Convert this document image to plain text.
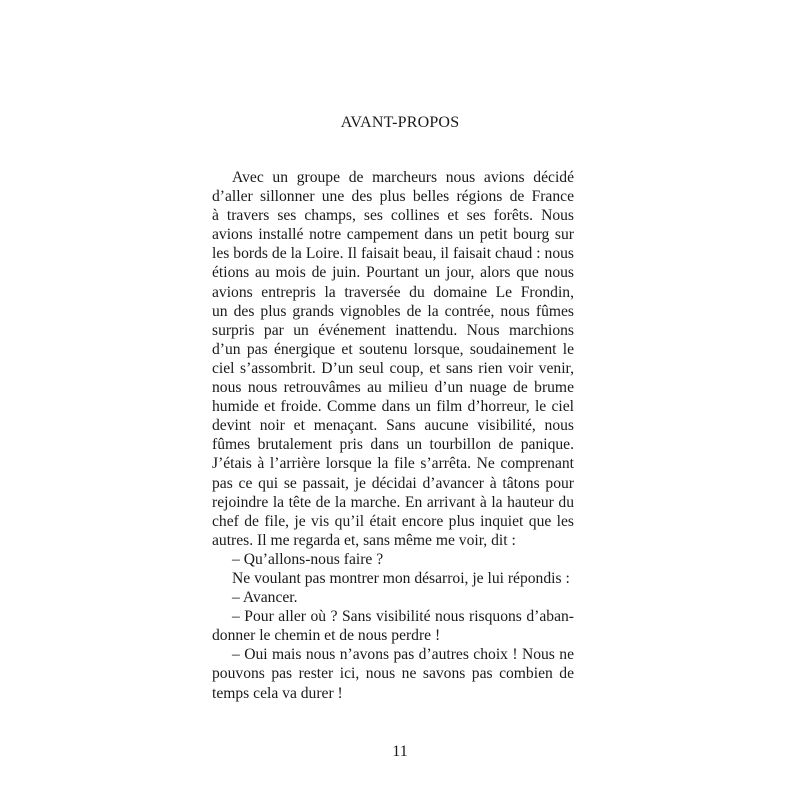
AVANT-PROPOS
Avec un groupe de marcheurs nous avions décidé
d’aller sillonner une des plus belles régions de France
à travers ses champs, ses collines et ses forêts. Nous
avions installé notre campement dans un petit bourg sur
les bords de la Loire. Il faisait beau, il faisait chaud : nous
étions au mois de juin. Pourtant un jour, alors que nous
avions entrepris la traversée du domaine Le Frondin,
un des plus grands vignobles de la contrée, nous fûmes
surpris par un événement inattendu. Nous marchions
d’un pas énergique et soutenu lorsque, soudainement le
ciel s’assombrit. D’un seul coup, et sans rien voir venir,
nous nous retrouvâmes au milieu d’un nuage de brume
humide et froide. Comme dans un film d’horreur, le ciel
devint noir et menaçant. Sans aucune visibilité, nous
fûmes brutalement pris dans un tourbillon de panique.
J’étais à l’arrière lorsque la file s’arrêta. Ne comprenant
pas ce qui se passait, je décidai d’avancer à tâtons pour
rejoindre la tête de la marche. En arrivant à la hauteur du
chef de file, je vis qu’il était encore plus inquiet que les
autres. Il me regarda et, sans même me voir, dit :
– Qu’allons-nous faire ?
Ne voulant pas montrer mon désarroi, je lui répondis :
– Avancer.
– Pour aller où ? Sans visibilité nous risquons d’aban-
donner le chemin et de nous perdre !
– Oui mais nous n’avons pas d’autres choix ! Nous ne
pouvons pas rester ici, nous ne savons pas combien de
temps cela va durer !
11
